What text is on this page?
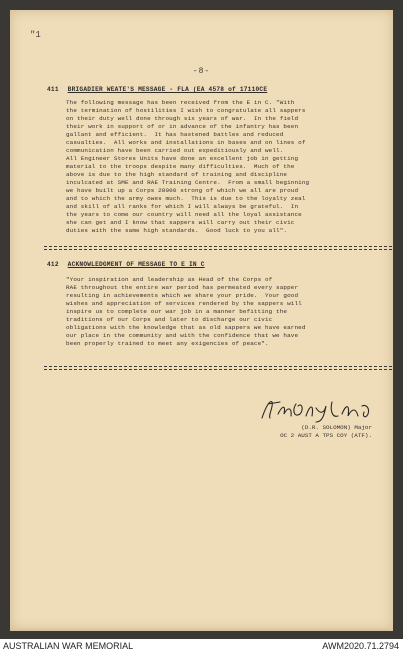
"1
-8-
411 BRIGADIER WEATE'S MESSAGE - FLA (EA 4578 of 17110CE
The following message has been received from the E in C. "With
the termination of hostilities I wish to congratulate all sappers
on their duty well done through six years of war.  In the field
their work in support of or in advance of the infantry has been
gallant and efficient.  It has hastened battles and reduced
casualties.  All works and installations in bases and on lines of
communication have been carried out expeditiously and well.
All Engineer Stores Units have done an excellent job in getting
material to the troops despite many difficulties.  Much of the
above is due to the high standard of training and discipline
inculcated at SME and RAE Training Centre.  From a small beginning
we have built up a Corps 28000 strong of which we all are proud
and to which the army owes much.  This is due to the loyalty zeal
and skill of all ranks for which I will always be grateful.  In
the years to come our country will need all the loyal assistance
she can get and I know that sappers will carry out their civic
duties with the same high standards.  Good luck to you all".
412 ACKNOWLEDGMENT OF MESSAGE TO E IN C
"Your inspiration and leadership as Head of the Corps of
RAE throughout the entire war period has permeated every sapper
resulting in achievements which we share your pride.  Your good
wishes and appreciation of services rendered by the sappers will
inspire us to complete our war job in a manner befitting the
traditions of our Corps and later to discharge our civic
obligations with the knowledge that as old sappers we have earned
our place in the community and with the confidence that we have
been properly trained to meet any exigencies of peace".
(D.R. SOLOMON) Major
OC 2 AUST A TPS COY (ATF).
AUSTRALIAN WAR MEMORIAL	AWM2020.71.2794
